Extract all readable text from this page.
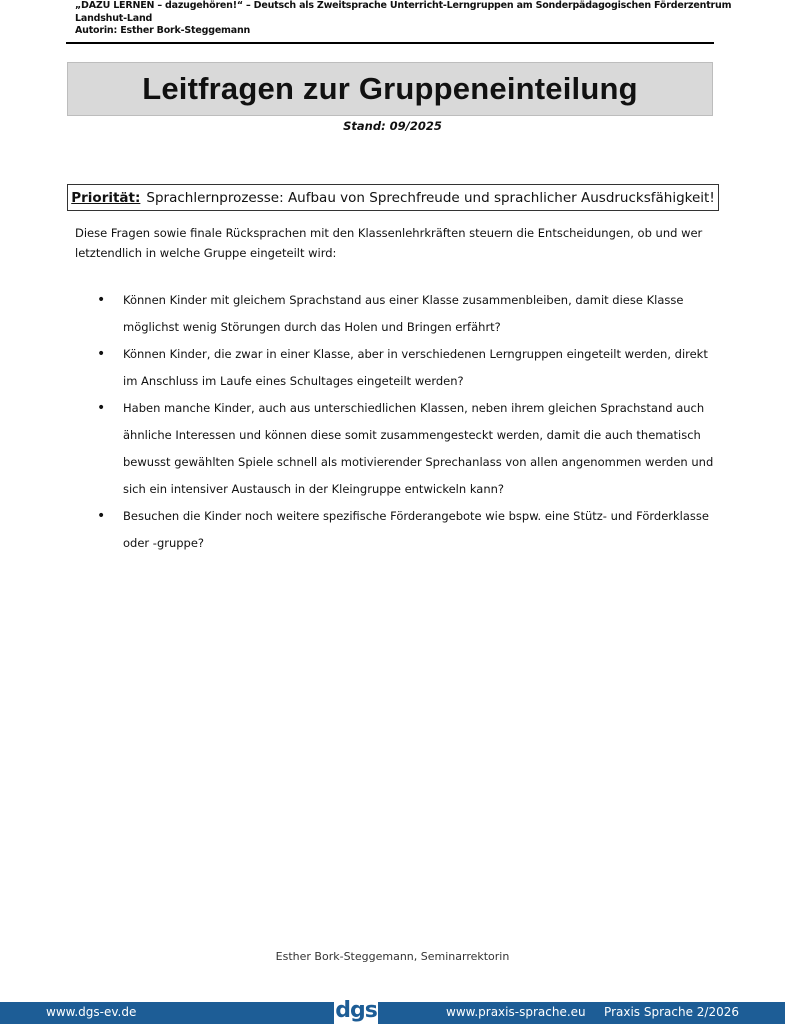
„DAZU LERNEN – dazugehören!“ – Deutsch als Zweitsprache Unterricht-Lerngruppen am Sonderpädagogischen Förderzentrum
Landshut-Land
Autorin: Esther Bork-Steggemann
Leitfragen zur Gruppeneinteilung
Stand: 09/2025
Priorität: Sprachlernprozesse: Aufbau von Sprechfreude und sprachlicher Ausdrucksfähigkeit!
Diese Fragen sowie finale Rücksprachen mit den Klassenlehrkräften steuern die Entscheidungen, ob und wer letztendlich in welche Gruppe eingeteilt wird:
• Können Kinder mit gleichem Sprachstand aus einer Klasse zusammenbleiben, damit diese Klasse möglichst wenig Störungen durch das Holen und Bringen erfährt?
• Können Kinder, die zwar in einer Klasse, aber in verschiedenen Lerngruppen eingeteilt werden, direkt im Anschluss im Laufe eines Schultages eingeteilt werden?
• Haben manche Kinder, auch aus unterschiedlichen Klassen, neben ihrem gleichen Sprachstand auch ähnliche Interessen und können diese somit zusammengesteckt werden, damit die auch thematisch bewusst gewählten Spiele schnell als motivierender Sprechanlass von allen angenommen werden und sich ein intensiver Austausch in der Kleingruppe entwickeln kann?
• Besuchen die Kinder noch weitere spezifische Förderangebote wie bspw. eine Stütz- und Förderklasse oder -gruppe?
Esther Bork-Steggemann, Seminarrektorin
www.dgs-ev.de	dgs	www.praxis-sprache.eu Praxis Sprache 2/2026
